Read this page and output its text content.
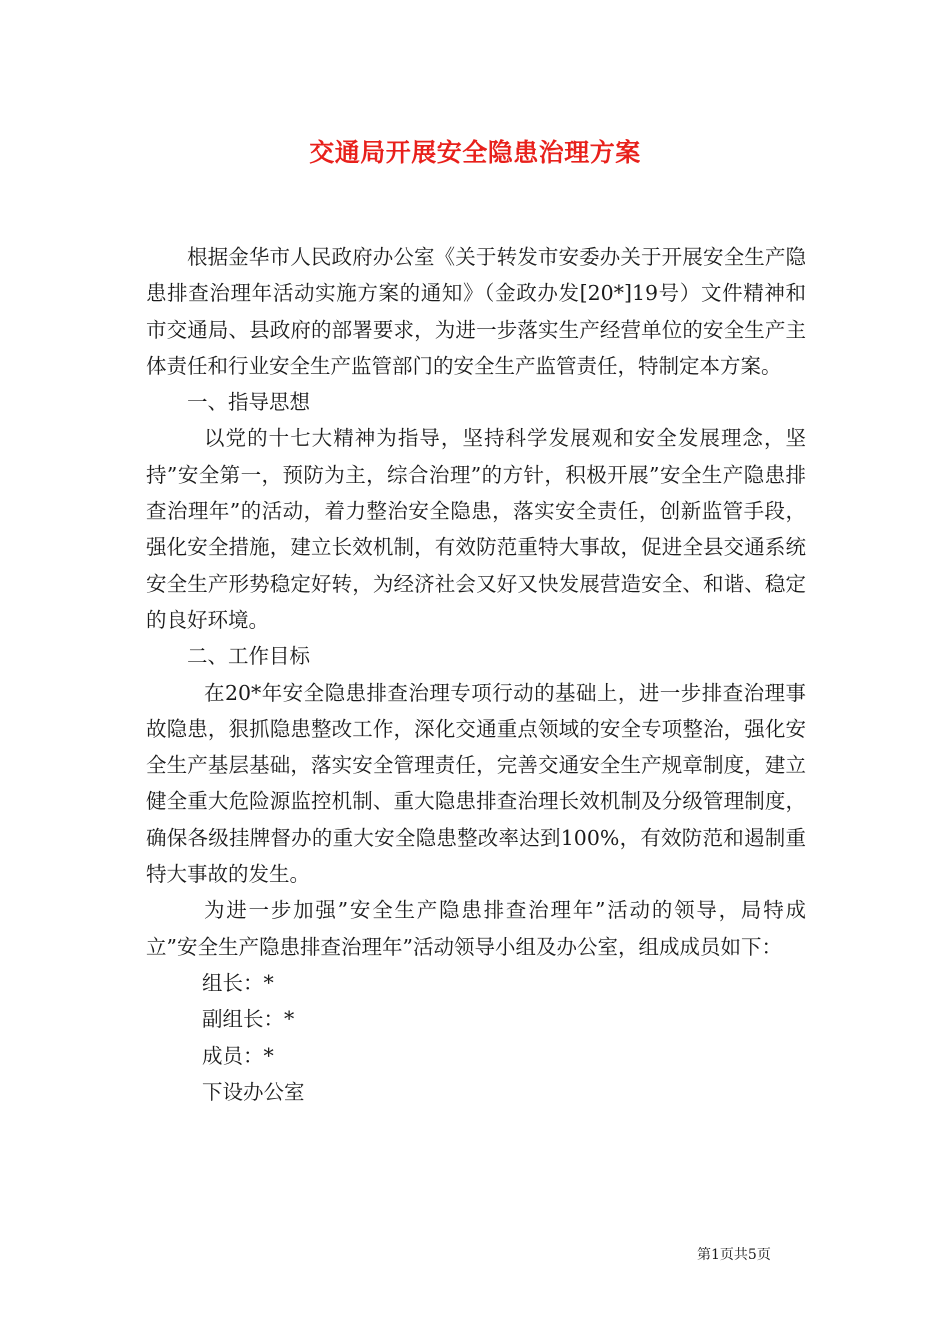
交通局开展安全隐患治理方案

根据金华市人民政府办公室《关于转发市安委办关于开展安全生产隐患排查治理年活动实施方案的通知》（金政办发[20*]19号）文件精神和市交通局、县政府的部署要求，为进一步落实生产经营单位的安全生产主体责任和行业安全生产监管部门的安全生产监管责任，特制定本方案。

一、指导思想

以党的十七大精神为指导，坚持科学发展观和安全发展理念，坚持”安全第一，预防为主，综合治理”的方针，积极开展”安全生产隐患排查治理年”的活动，着力整治安全隐患，落实安全责任，创新监管手段，强化安全措施，建立长效机制，有效防范重特大事故，促进全县交通系统安全生产形势稳定好转，为经济社会又好又快发展营造安全、和谐、稳定的良好环境。

二、工作目标

在20*年安全隐患排查治理专项行动的基础上，进一步排查治理事故隐患，狠抓隐患整改工作，深化交通重点领域的安全专项整治，强化安全生产基层基础，落实安全管理责任，完善交通安全生产规章制度，建立健全重大危险源监控机制、重大隐患排查治理长效机制及分级管理制度，确保各级挂牌督办的重大安全隐患整改率达到100%，有效防范和遏制重特大事故的发生。

为进一步加强”安全生产隐患排查治理年”活动的领导，局特成立”安全生产隐患排查治理年”活动领导小组及办公室，组成成员如下：

组长：*

副组长：*

成员：*

下设办公室

第1页共5页
